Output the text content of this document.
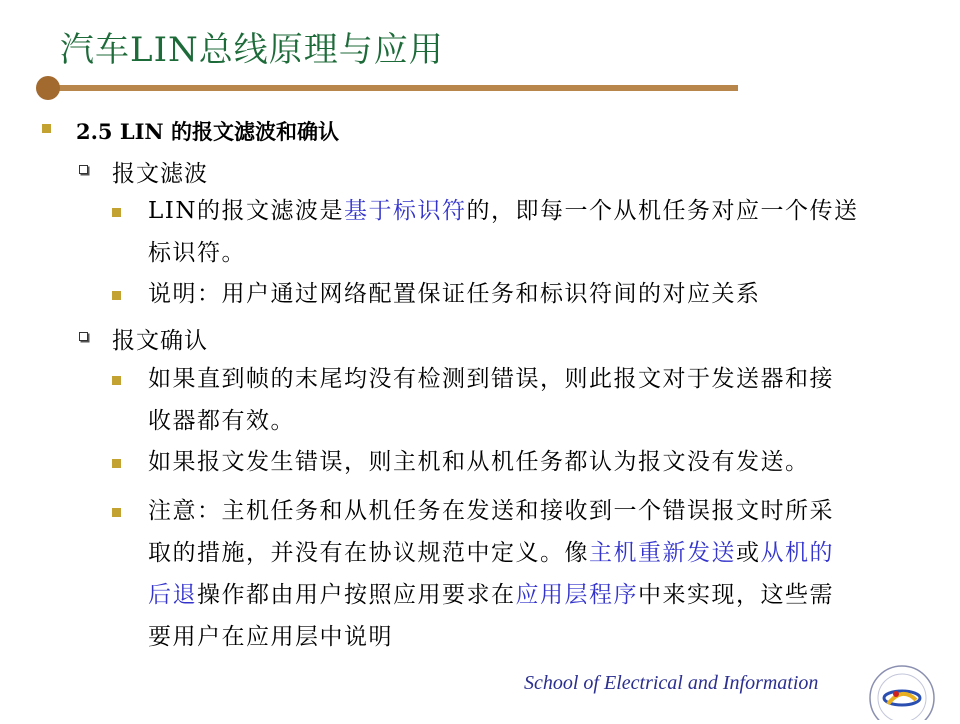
汽车LIN总线原理与应用
2.5 LIN 的报文滤波和确认
报文滤波
LIN的报文滤波是基于标识符的，即每一个从机任务对应一个传送
标识符。
说明：用户通过网络配置保证任务和标识符间的对应关系
报文确认
如果直到帧的末尾均没有检测到错误，则此报文对于发送器和接
收器都有效。
如果报文发生错误，则主机和从机任务都认为报文没有发送。
注意：主机任务和从机任务在发送和接收到一个错误报文时所采
取的措施，并没有在协议规范中定义。像主机重新发送或从机的
后退操作都由用户按照应用要求在应用层程序中来实现，这些需
要用户在应用层中说明
School of Electrical and Information
